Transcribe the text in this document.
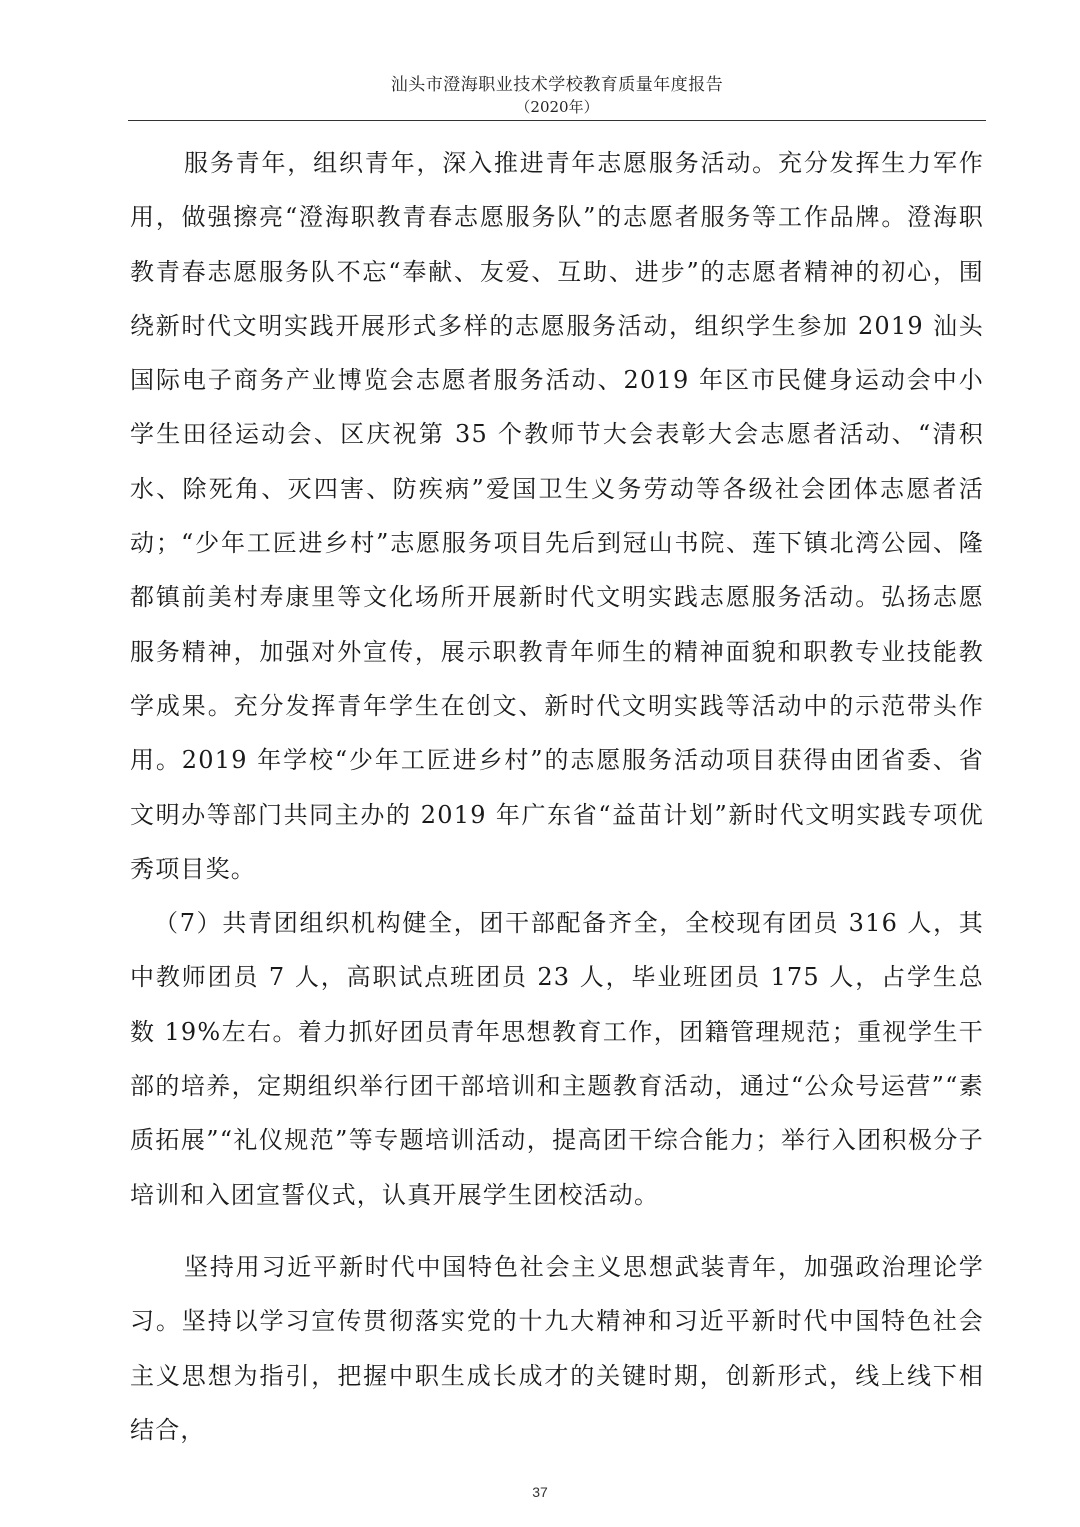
汕头市澄海职业技术学校教育质量年度报告
（2020年）

服务青年，组织青年，深入推进青年志愿服务活动。充分发挥生力军作用，做强擦亮“澄海职教青春志愿服务队”的志愿者服务等工作品牌。澄海职教青春志愿服务队不忘“奉献、友爱、互助、进步”的志愿者精神的初心，围绕新时代文明实践开展形式多样的志愿服务活动，组织学生参加 2019 汕头国际电子商务产业博览会志愿者服务活动、2019 年区市民健身运动会中小学生田径运动会、区庆祝第 35 个教师节大会表彰大会志愿者活动、“清积水、除死角、灭四害、防疾病”爱国卫生义务劳动等各级社会团体志愿者活动；“少年工匠进乡村”志愿服务项目先后到冠山书院、莲下镇北湾公园、隆都镇前美村寿康里等文化场所开展新时代文明实践志愿服务活动。弘扬志愿服务精神，加强对外宣传，展示职教青年师生的精神面貌和职教专业技能教学成果。充分发挥青年学生在创文、新时代文明实践等活动中的示范带头作用。2019 年学校“少年工匠进乡村”的志愿服务活动项目获得由团省委、省文明办等部门共同主办的 2019 年广东省“益苗计划”新时代文明实践专项优秀项目奖。

（7）共青团组织机构健全，团干部配备齐全，全校现有团员 316 人，其中教师团员 7 人，高职试点班团员 23 人，毕业班团员 175 人，占学生总数 19%左右。着力抓好团员青年思想教育工作，团籍管理规范；重视学生干部的培养，定期组织举行团干部培训和主题教育活动，通过“公众号运营”“素质拓展”“礼仪规范”等专题培训活动，提高团干综合能力；举行入团积极分子培训和入团宣誓仪式，认真开展学生团校活动。

坚持用习近平新时代中国特色社会主义思想武装青年，加强政治理论学习。坚持以学习宣传贯彻落实党的十九大精神和习近平新时代中国特色社会主义思想为指引，把握中职生成长成才的关键时期，创新形式，线上线下相结合，

37
